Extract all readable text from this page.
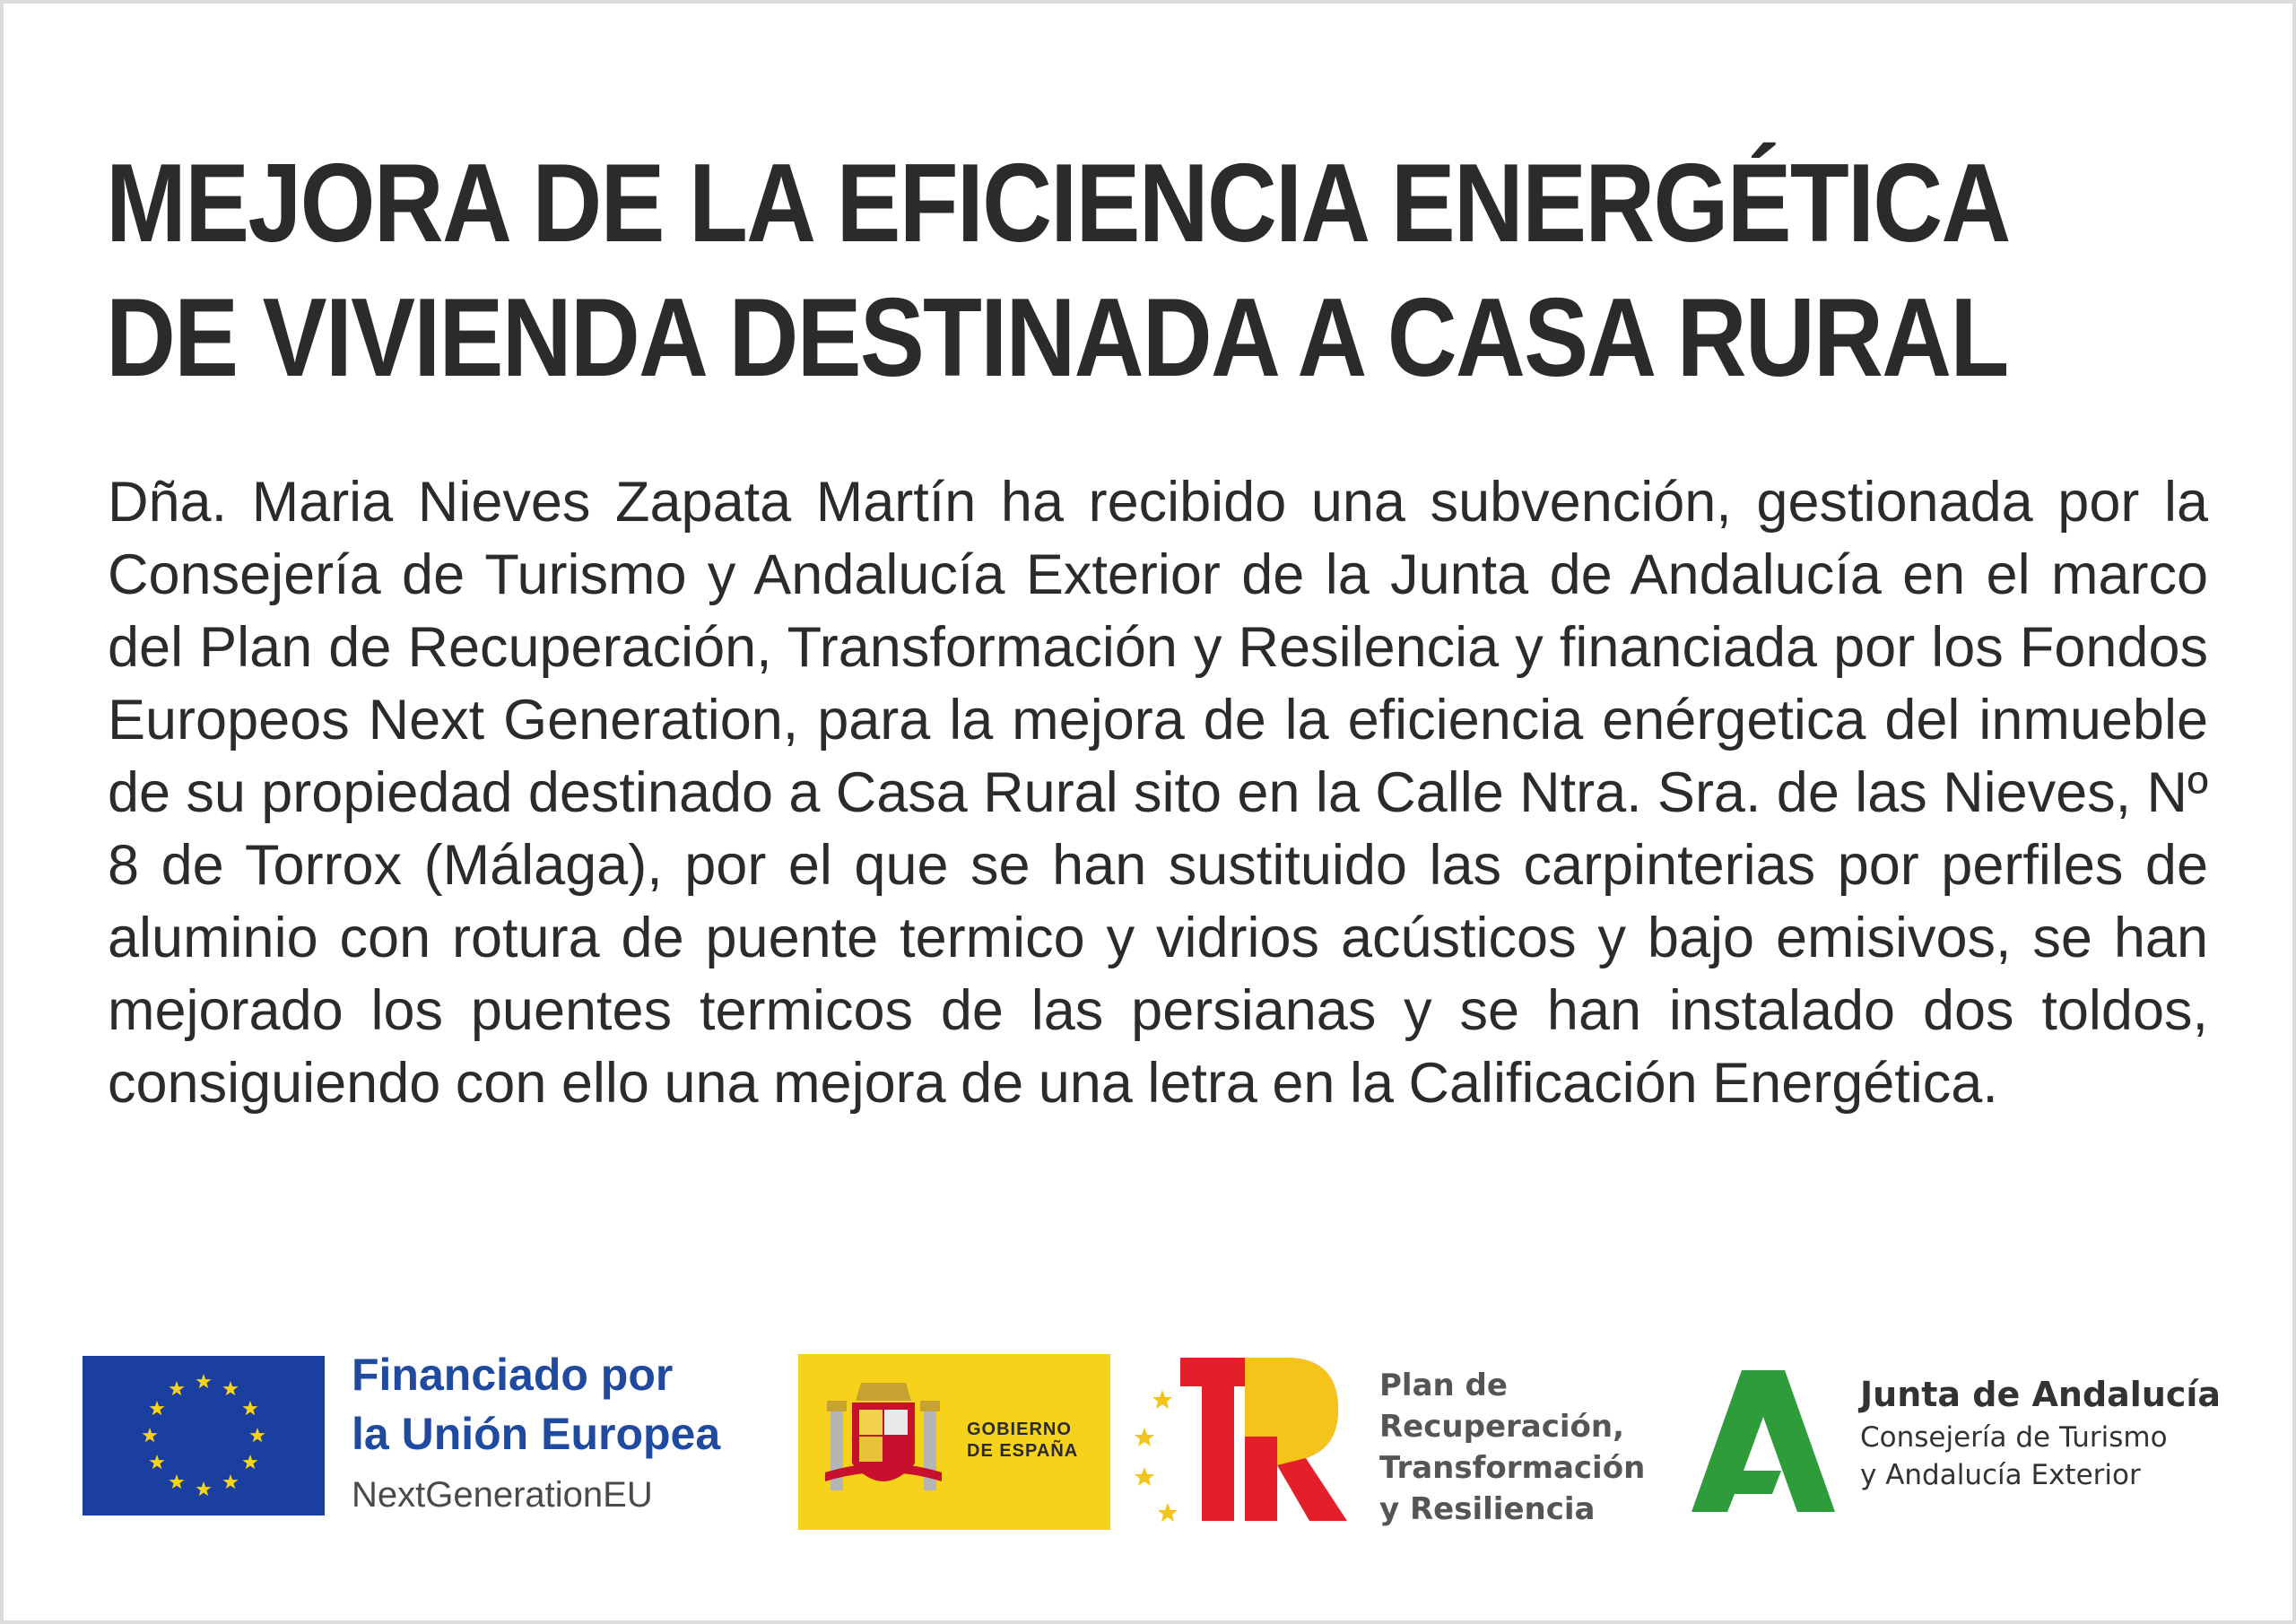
MEJORA DE LA EFICIENCIA ENERGÉTICA
DE VIVIENDA DESTINADA A CASA RURAL

Dña. Maria Nieves Zapata Martín ha recibido una subvención, gestionada por la Consejería de Turismo y Andalucía Exterior de la Junta de Andalucía en el marco del Plan de Recuperación, Transformación y Resilencia y financiada por los Fondos Europeos Next Generation, para la mejora de la eficiencia enérgetica del inmueble de su propiedad destinado a Casa Rural sito en la Calle Ntra. Sra. de las Nieves, Nº 8 de Torrox (Málaga), por el que se han sustituido las carpinterias por perfiles de aluminio con rotura de puente termico y vidrios acústicos y bajo emisivos, se han mejorado los puentes termicos de las persianas y se han instalado dos toldos, consiguiendo con ello una mejora de una letra en la Calificación Energética.

Financiado por
la Unión Europea
NextGenerationEU
GOBIERNO
DE ESPAÑA
Plan de
Recuperación,
Transformación
y Resiliencia
Junta de Andalucía
Consejería de Turismo
y Andalucía Exterior
